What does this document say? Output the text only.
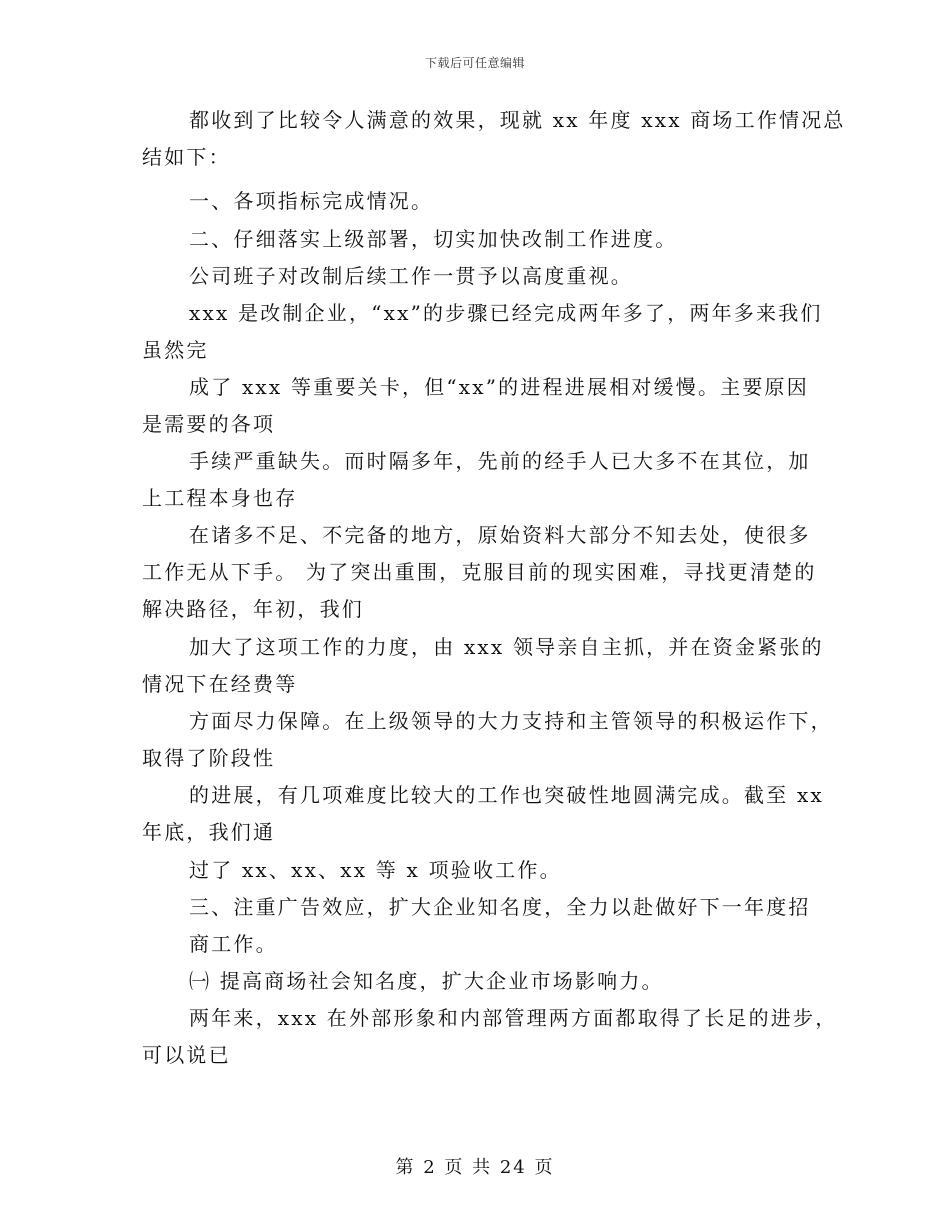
下载后可任意编辑
都收到了比较令人满意的效果，现就 xx 年度 xxx 商场工作情况总
结如下：
一、各项指标完成情况。
二、仔细落实上级部署，切实加快改制工作进度。
公司班子对改制后续工作一贯予以高度重视。
xxx 是改制企业，“xx”的步骤已经完成两年多了，两年多来我们
虽然完
成了 xxx 等重要关卡，但“xx”的进程进展相对缓慢。主要原因
是需要的各项
手续严重缺失。而时隔多年，先前的经手人已大多不在其位，加
上工程本身也存
在诸多不足、不完备的地方，原始资料大部分不知去处，使很多
工作无从下手。 为了突出重围，克服目前的现实困难，寻找更清楚的
解决路径，年初，我们
加大了这项工作的力度，由 xxx 领导亲自主抓，并在资金紧张的
情况下在经费等
方面尽力保障。在上级领导的大力支持和主管领导的积极运作下，
取得了阶段性
的进展，有几项难度比较大的工作也突破性地圆满完成。截至 xx
年底，我们通
过了 xx、xx、xx 等 x 项验收工作。
三、注重广告效应，扩大企业知名度，全力以赴做好下一年度招
商工作。
㈠ 提高商场社会知名度，扩大企业市场影响力。
两年来，xxx 在外部形象和内部管理两方面都取得了长足的进步，
可以说已
第 2 页 共 24 页
